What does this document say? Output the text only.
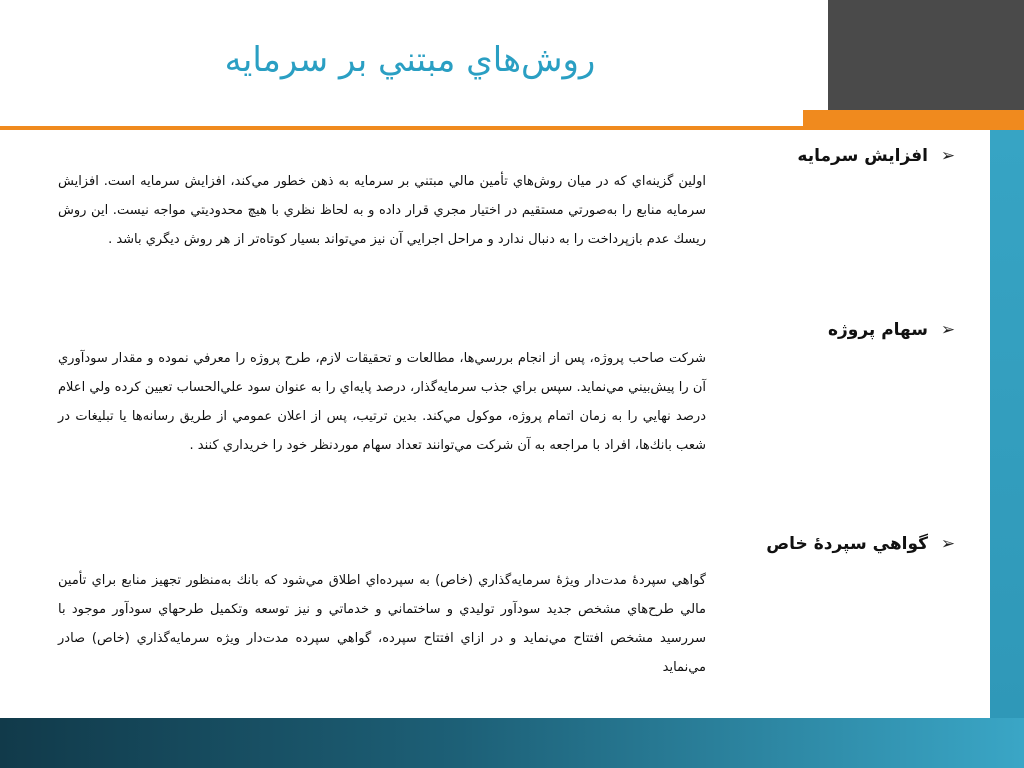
روش‌هاي مبتني بر سرمايه
➢
افزايش سرمايه
اولين گزينه‌اي كه در ميان روش‌هاي تأمين مالي مبتني بر سرمايه به ذهن خطور مي‌كند، افزايش سرمايه است. افزايش سرمايه منابع را به‌صورتي مستقيم در اختيار مجري قرار داده و به لحاظ نظري با هيچ محدوديتي مواجه نيست. اين روش ريسك عدم بازپرداخت را به دنبال ندارد و مراحل اجرايي آن نيز مي‌تواند بسيار كوتاه‌تر از هر روش ديگري باشد .
➢
سهام پروژه
شركت صاحب پروژه، پس از انجام بررسي‌ها، مطالعات و تحقيقات لازم، طرح پروژه را معرفي نموده و مقدار سودآوري آن را پيش‌بيني مي‌نمايد. سپس براي جذب سرمايه‌گذار، درصد پايه‌اي را به عنوان سود علي‌الحساب تعيين كرده ولي اعلام درصد نهايي را به زمان اتمام پروژه، موكول مي‌كند. بدين ترتيب، پس از اعلان عمومي از طريق رسانه‌ها يا تبليغات در شعب بانك‌ها، افراد با مراجعه به آن شركت مي‌توانند تعداد سهام موردنظر خود را خريداري كنند .
➢
گواهي سپردهٔ خاص
گواهي سپردهٔ مدت‌دار ويژهٔ سرمايه‌گذاري (خاص) به سپرده‌اي اطلاق مي‌شود كه بانك به‌منظور تجهيز منابع براي تأمين مالي طرح‌هاي مشخص جديد سودآور توليدي و ساختماني و خدماتي و نيز توسعه وتكميل طرحهاي سودآور موجود با سررسيد مشخص افتتاح مي‌نمايد و در ازاي افتتاح سپرده، گواهي سپرده مدت‌دار ويژه سرمايه‌گذاري (خاص) صادر مي‌نمايد
